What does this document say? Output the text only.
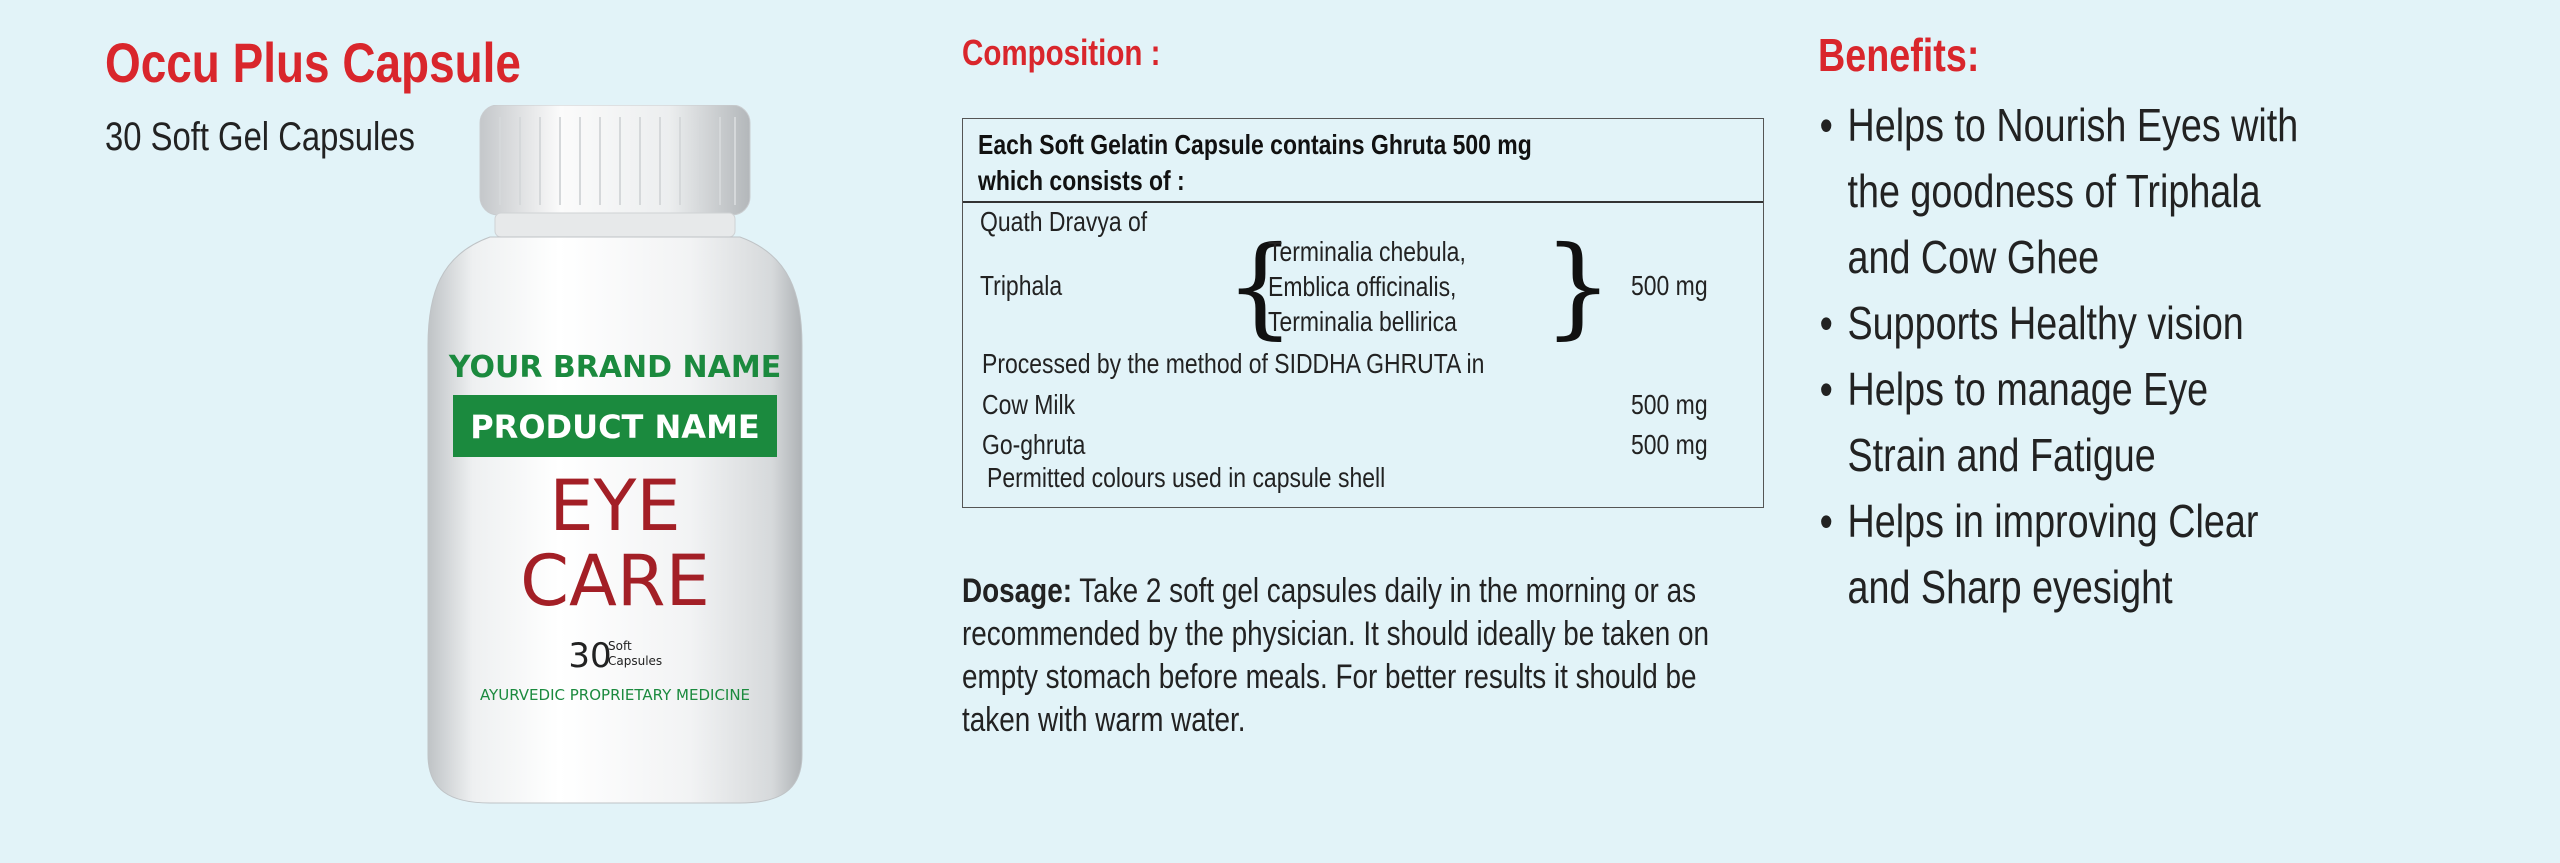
Occu Plus Capsule
30 Soft Gel Capsules
YOUR BRAND NAME
PRODUCT NAME
EYE
CARE
30
Soft
Capsules
AYURVEDIC PROPRIETARY MEDICINE
Composition :
Each Soft Gelatin Capsule contains Ghruta 500 mg
which consists of :
Quath Dravya of
Triphala {
Terminalia chebula,
Emblica officinalis,
Terminalia bellirica } 500 mg
Processed by the method of SIDDHA GHRUTA in
Cow Milk	500 mg
Go-ghruta	500 mg
Permitted colours used in capsule shell
Dosage: Take 2 soft gel capsules daily in the morning or as recommended by the physician. It should ideally be taken on empty stomach before meals. For better results it should be taken with warm water.
Benefits:
• Helps to Nourish Eyes with the goodness of Triphala and Cow Ghee
• Supports Healthy vision
• Helps to manage Eye Strain and Fatigue
• Helps in improving Clear and Sharp eyesight
